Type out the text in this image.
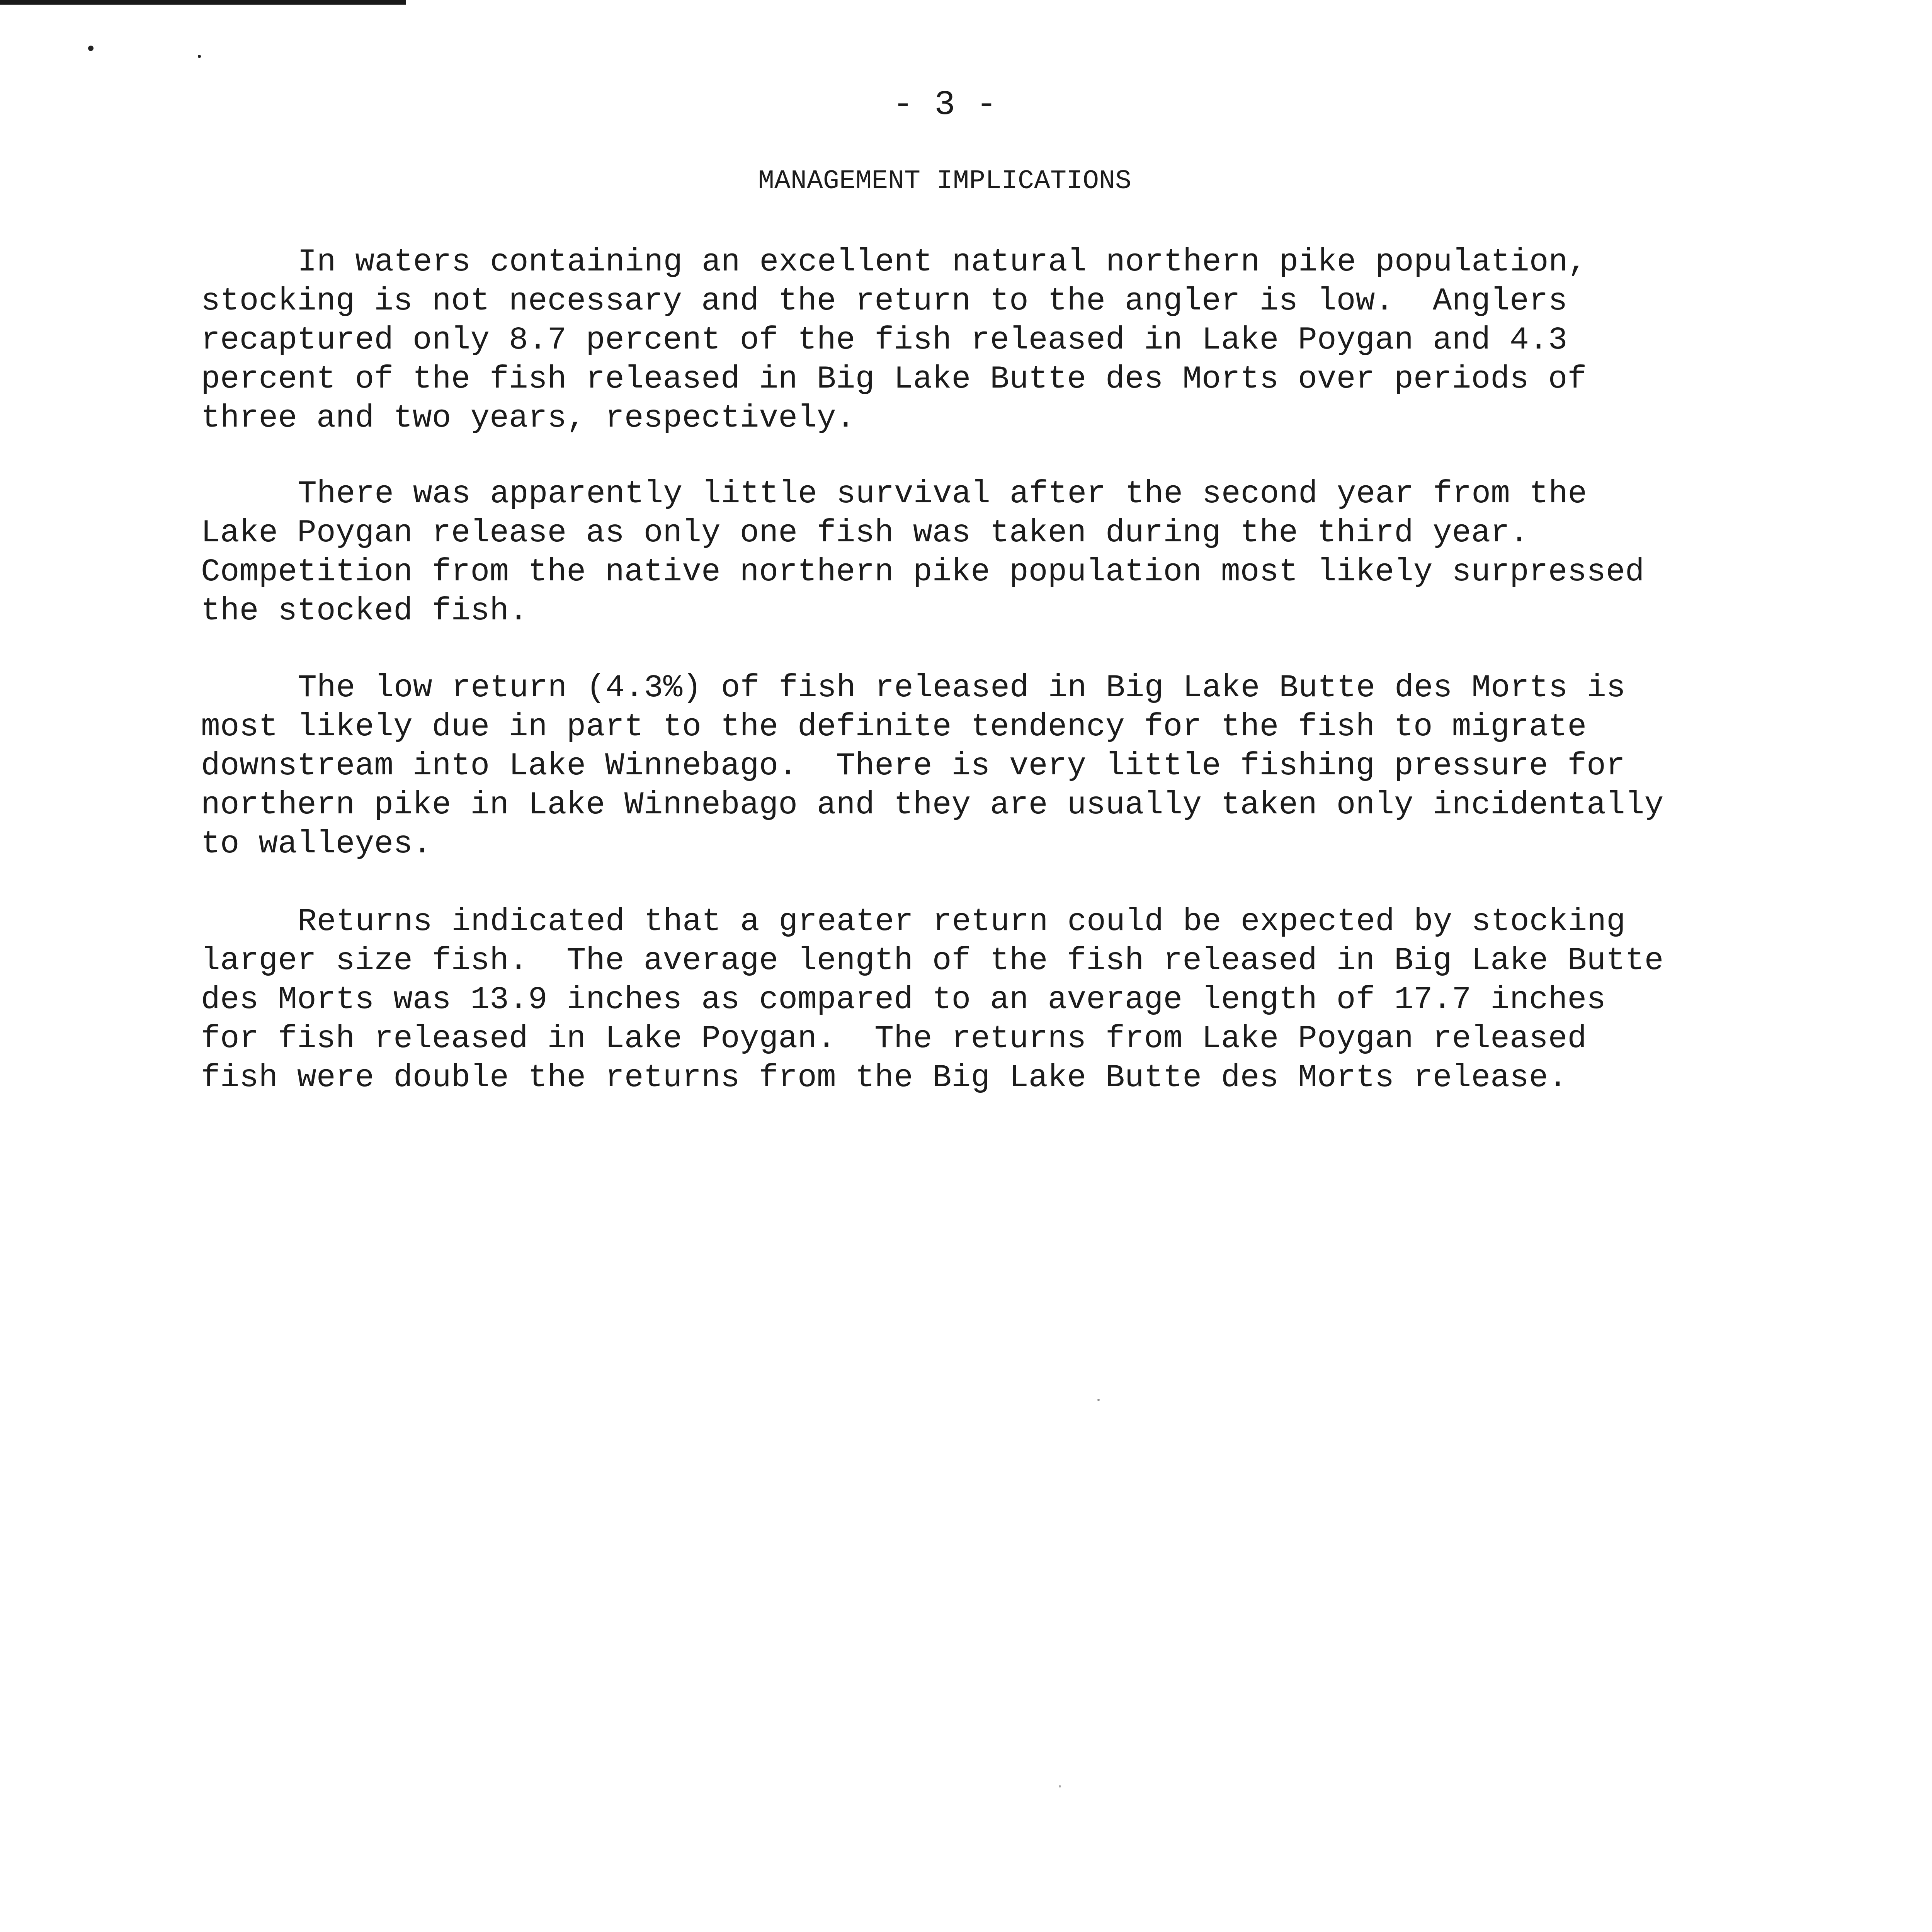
- 3 -
MANAGEMENT IMPLICATIONS
In waters containing an excellent natural northern pike population,
stocking is not necessary and the return to the angler is low.  Anglers
recaptured only 8.7 percent of the fish released in Lake Poygan and 4.3
percent of the fish released in Big Lake Butte des Morts over periods of
three and two years, respectively.
There was apparently little survival after the second year from the
Lake Poygan release as only one fish was taken during the third year.
Competition from the native northern pike population most likely surpressed
the stocked fish.
The low return (4.3%) of fish released in Big Lake Butte des Morts is
most likely due in part to the definite tendency for the fish to migrate
downstream into Lake Winnebago.  There is very little fishing pressure for
northern pike in Lake Winnebago and they are usually taken only incidentally
to walleyes.
Returns indicated that a greater return could be expected by stocking
larger size fish.  The average length of the fish released in Big Lake Butte
des Morts was 13.9 inches as compared to an average length of 17.7 inches
for fish released in Lake Poygan.  The returns from Lake Poygan released
fish were double the returns from the Big Lake Butte des Morts release.
